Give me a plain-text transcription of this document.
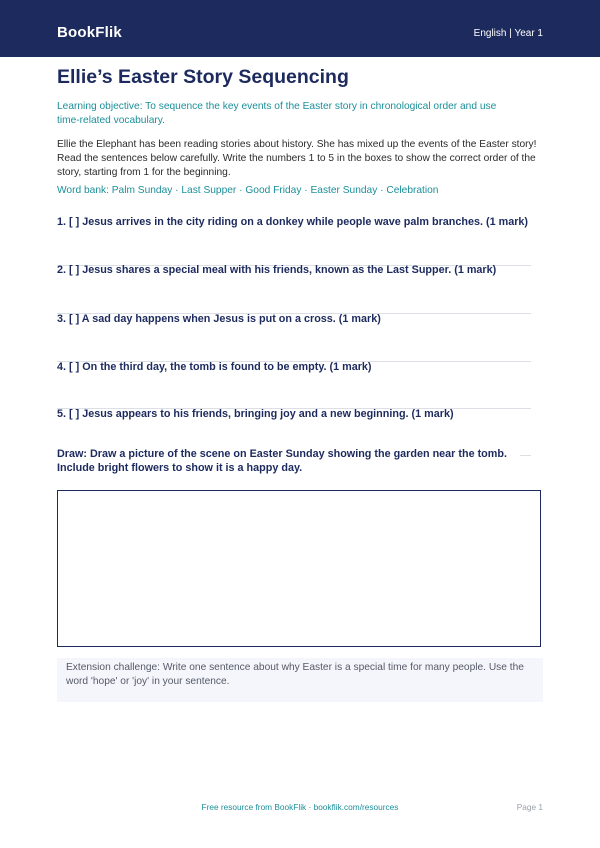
BookFlik	English | Year 1
Ellie’s Easter Story Sequencing
Learning objective: To sequence the key events of the Easter story in chronological order and use time-related vocabulary.
Ellie the Elephant has been reading stories about history. She has mixed up the events of the Easter story! Read the sentences below carefully. Write the numbers 1 to 5 in the boxes to show the correct order of the story, starting from 1 for the beginning.
Word bank: Palm Sunday · Last Supper · Good Friday · Easter Sunday · Celebration
1. [ ] Jesus arrives in the city riding on a donkey while people wave palm branches. (1 mark)
2. [ ] Jesus shares a special meal with his friends, known as the Last Supper. (1 mark)
3. [ ] A sad day happens when Jesus is put on a cross. (1 mark)
4. [ ] On the third day, the tomb is found to be empty. (1 mark)
5. [ ] Jesus appears to his friends, bringing joy and a new beginning. (1 mark)
Draw: Draw a picture of the scene on Easter Sunday showing the garden near the tomb. Include bright flowers to show it is a happy day.
Extension challenge: Write one sentence about why Easter is a special time for many people. Use the word 'hope' or 'joy' in your sentence.
Free resource from BookFlik · bookflik.com/resources	Page 1
